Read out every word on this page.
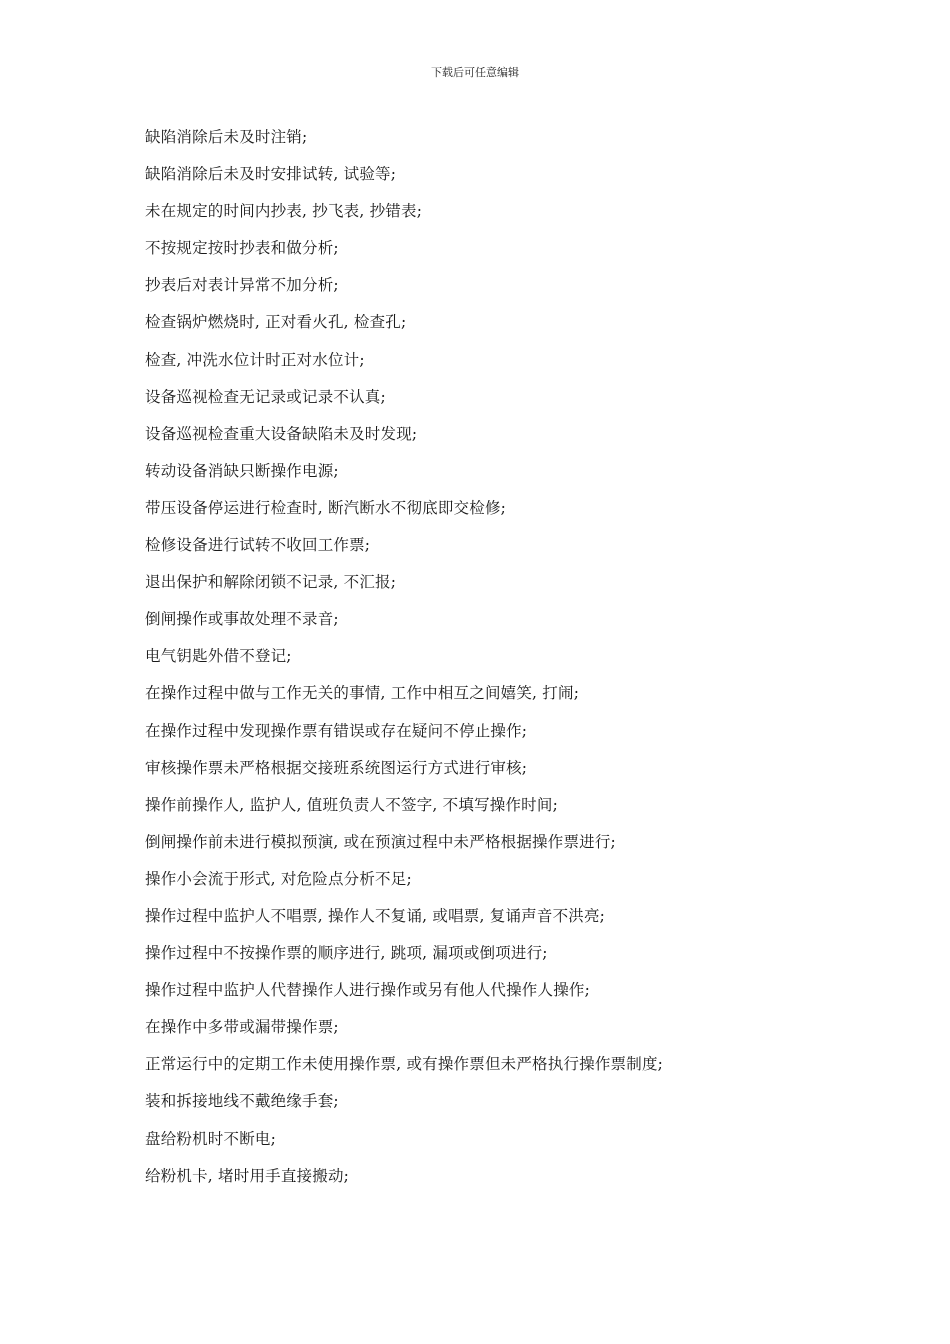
下载后可任意编辑
缺陷消除后未及时注销;
缺陷消除后未及时安排试转, 试验等;
未在规定的时间内抄表, 抄飞表, 抄错表;
不按规定按时抄表和做分析;
抄表后对表计异常不加分析;
检查锅炉燃烧时, 正对看火孔, 检查孔;
检查, 冲洗水位计时正对水位计;
设备巡视检查无记录或记录不认真;
设备巡视检查重大设备缺陷未及时发现;
转动设备消缺只断操作电源;
带压设备停运进行检查时, 断汽断水不彻底即交检修;
检修设备进行试转不收回工作票;
退出保护和解除闭锁不记录, 不汇报;
倒闸操作或事故处理不录音;
电气钥匙外借不登记;
在操作过程中做与工作无关的事情, 工作中相互之间嬉笑, 打闹;
在操作过程中发现操作票有错误或存在疑问不停止操作;
审核操作票未严格根据交接班系统图运行方式进行审核;
操作前操作人, 监护人, 值班负责人不签字, 不填写操作时间;
倒闸操作前未进行模拟预演, 或在预演过程中未严格根据操作票进行;
操作小会流于形式, 对危险点分析不足;
操作过程中监护人不唱票, 操作人不复诵, 或唱票, 复诵声音不洪亮;
操作过程中不按操作票的顺序进行, 跳项, 漏项或倒项进行;
操作过程中监护人代替操作人进行操作或另有他人代操作人操作;
在操作中多带或漏带操作票;
正常运行中的定期工作未使用操作票, 或有操作票但未严格执行操作票制度;
装和拆接地线不戴绝缘手套;
盘给粉机时不断电;
给粉机卡, 堵时用手直接搬动;
